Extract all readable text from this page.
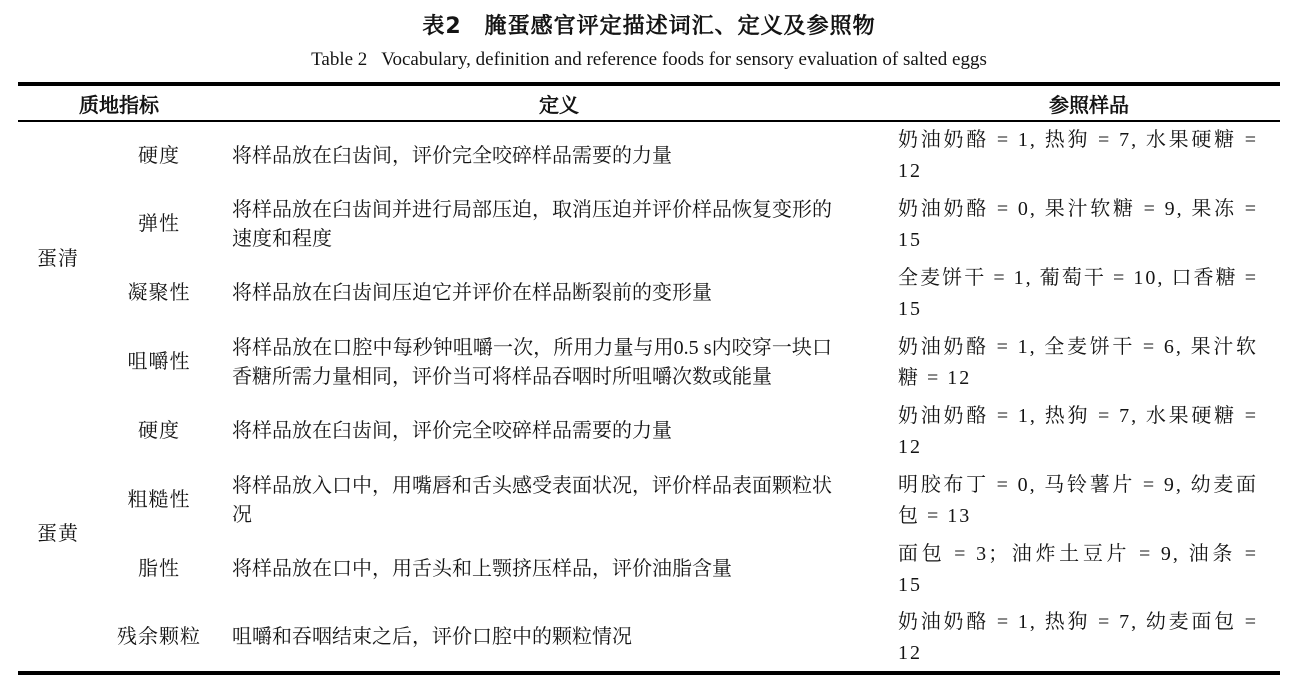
表2　腌蛋感官评定描述词汇、定义及参照物
Table 2   Vocabulary, definition and reference foods for sensory evaluation of salted eggs
质地指标		定义	参照样品
蛋清	硬度	将样品放在臼齿间，评价完全咬碎样品需要的力量	奶油奶酪 = 1, 热狗 = 7, 水果硬糖 = 12
	弹性	将样品放在臼齿间并进行局部压迫，取消压迫并评价样品恢复变形的速度和程度	奶油奶酪 = 0, 果汁软糖 = 9, 果冻 = 15
	凝聚性	将样品放在臼齿间压迫它并评价在样品断裂前的变形量	全麦饼干 = 1, 葡萄干 = 10, 口香糖 = 15
	咀嚼性	将样品放在口腔中每秒钟咀嚼一次，所用力量与用0.5 s内咬穿一块口香糖所需力量相同，评价当可将样品吞咽时所咀嚼次数或能量	奶油奶酪 = 1, 全麦饼干 = 6, 果汁软糖 = 12
蛋黄	硬度	将样品放在臼齿间，评价完全咬碎样品需要的力量	奶油奶酪 = 1, 热狗 = 7, 水果硬糖 = 12
	粗糙性	将样品放入口中，用嘴唇和舌头感受表面状况，评价样品表面颗粒状况	明胶布丁 = 0, 马铃薯片 = 9, 幼麦面包 = 13
	脂性	将样品放在口中，用舌头和上颚挤压样品，评价油脂含量	面包 = 3；油炸土豆片 = 9, 油条 = 15
	残余颗粒	咀嚼和吞咽结束之后，评价口腔中的颗粒情况	奶油奶酪 = 1, 热狗 = 7, 幼麦面包 = 12
